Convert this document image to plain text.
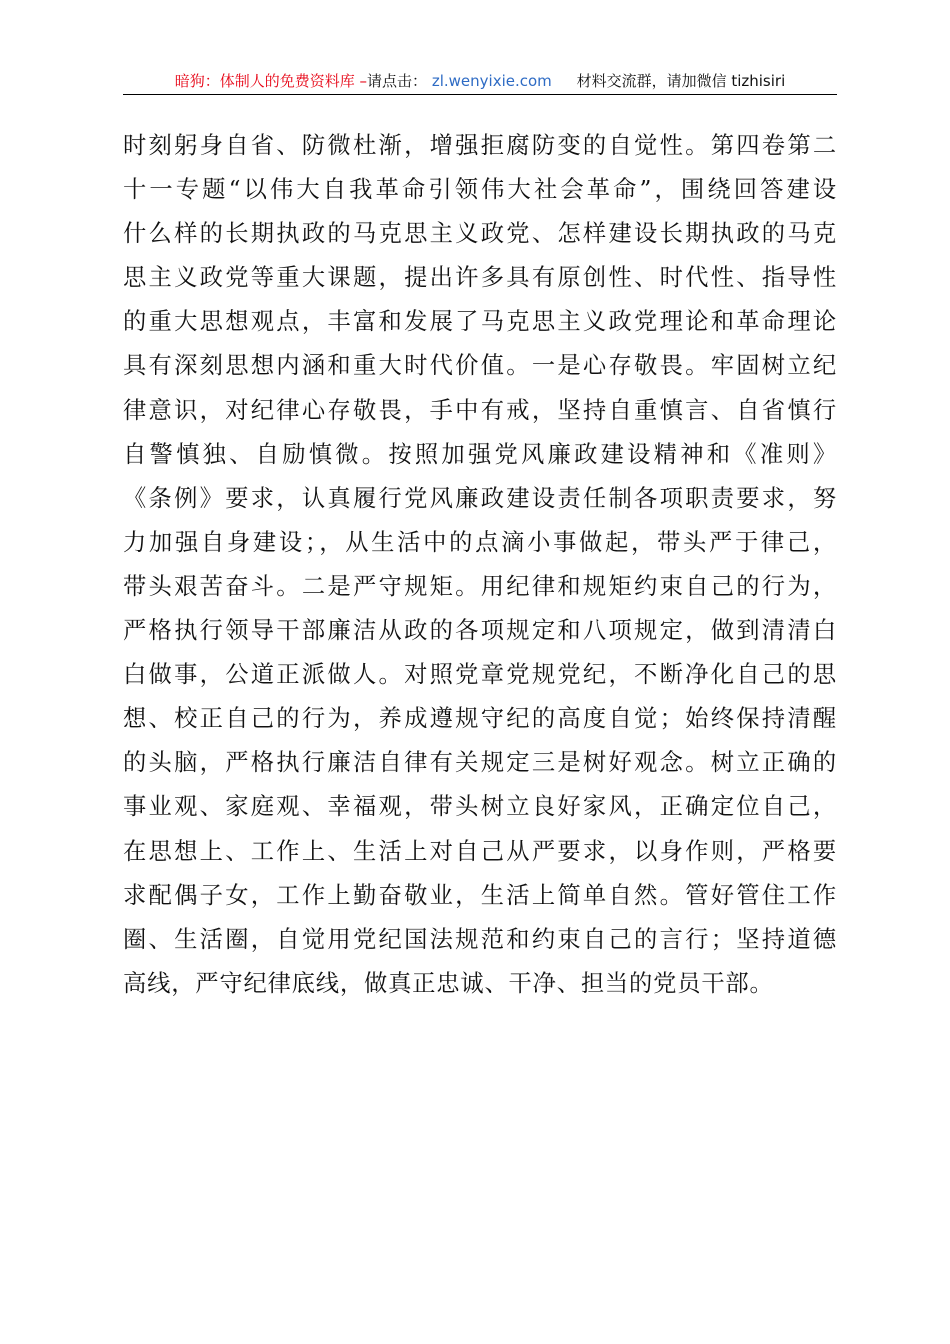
暗狗：体制人的免费资料库 –请点击： zl.wenyixie.com 材料交流群，请加微信 tizhisiri
时刻躬身自省、防微杜渐，增强拒腐防变的自觉性。第四卷第二
十一专题“以伟大自我革命引领伟大社会革命”，围绕回答建设
什么样的长期执政的马克思主义政党、怎样建设长期执政的马克
思主义政党等重大课题，提出许多具有原创性、时代性、指导性
的重大思想观点，丰富和发展了马克思主义政党理论和革命理论
具有深刻思想内涵和重大时代价值。一是心存敬畏。牢固树立纪
律意识，对纪律心存敬畏，手中有戒，坚持自重慎言、自省慎行
自警慎独、自励慎微。按照加强党风廉政建设精神和《准则》
《条例》要求，认真履行党风廉政建设责任制各项职责要求，努
力加强自身建设；，从生活中的点滴小事做起，带头严于律己，
带头艰苦奋斗。二是严守规矩。用纪律和规矩约束自己的行为，
严格执行领导干部廉洁从政的各项规定和八项规定，做到清清白
白做事，公道正派做人。对照党章党规党纪，不断净化自己的思
想、校正自己的行为，养成遵规守纪的高度自觉；始终保持清醒
的头脑，严格执行廉洁自律有关规定三是树好观念。树立正确的
事业观、家庭观、幸福观，带头树立良好家风，正确定位自己，
在思想上、工作上、生活上对自己从严要求，以身作则，严格要
求配偶子女，工作上勤奋敬业，生活上简单自然。管好管住工作
圈、生活圈，自觉用党纪国法规范和约束自己的言行；坚持道德
高线，严守纪律底线，做真正忠诚、干净、担当的党员干部。
